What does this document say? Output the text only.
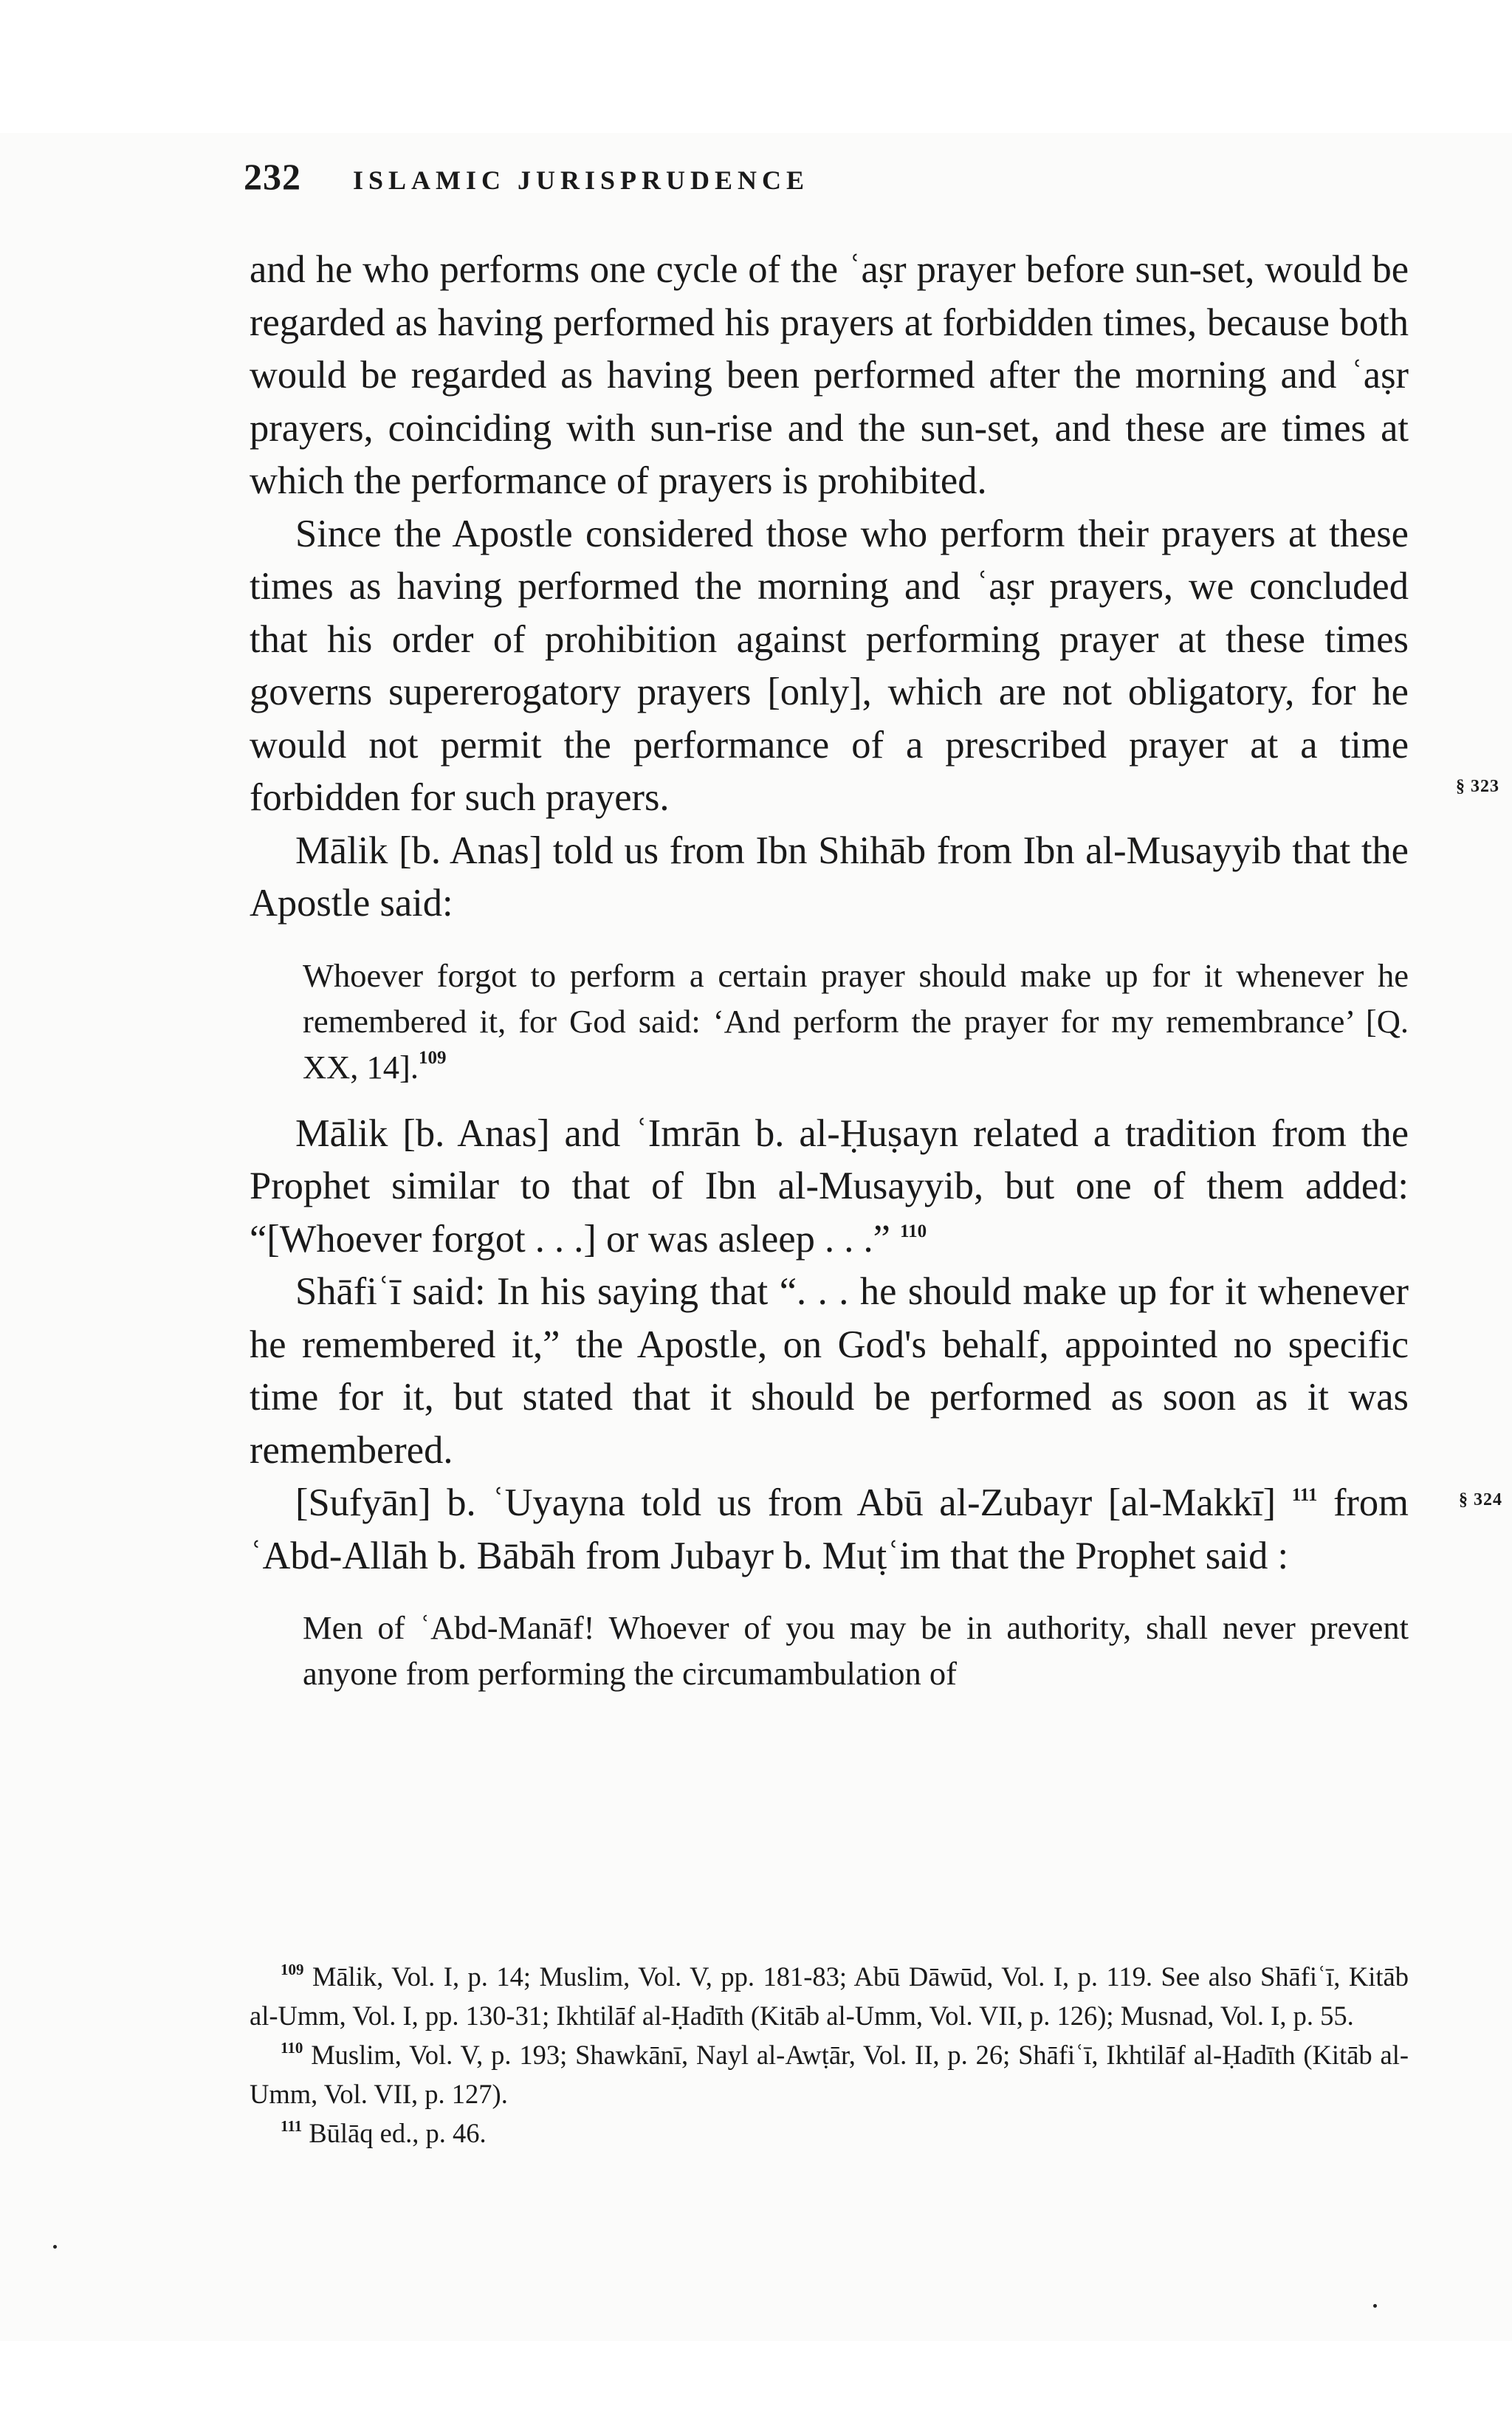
232 ISLAMIC JURISPRUDENCE

and he who performs one cycle of the ʿaṣr prayer before sun-set, would be regarded as having performed his prayers at forbidden times, because both would be regarded as having been performed after the morning and ʿaṣr prayers, coinciding with sun-rise and the sun-set, and these are times at which the performance of prayers is prohibited.

Since the Apostle considered those who perform their prayers at these times as having performed the morning and ʿaṣr prayers, we concluded that his order of prohibition against performing prayer at these times governs supererogatory prayers [only], which are not obligatory, for he would not permit the performance of a prescribed prayer at a time forbidden for such prayers.

Mālik [b. Anas] told us from Ibn Shihāb from Ibn al-Musayyib that the Apostle said:

Whoever forgot to perform a certain prayer should make up for it whenever he remembered it, for God said: ‘And perform the prayer for my remembrance’ [Q. XX, 14].$^{109}$

Mālik [b. Anas] and ʿImrān b. al-Ḥuṣayn related a tradition from the Prophet similar to that of Ibn al-Musayyib, but one of them added: “[Whoever forgot . . .] or was asleep . . .” $^{110}$

Shāfiʿī said: In his saying that “. . . he should make up for it whenever he remembered it,” the Apostle, on God's behalf, appointed no specific time for it, but stated that it should be performed as soon as it was remembered.

[Sufyān] b. ʿUyayna told us from Abū al-Zubayr [al-Makkī] $^{111}$ from ʿAbd-Allāh b. Bābāh from Jubayr b. Muṭʿim that the Prophet said :

Men of ʿAbd-Manāf! Whoever of you may be in authority, shall never prevent anyone from performing the circumambulation of
§ 323
§ 324

$^{109}$ Mālik, Vol. I, p. 14; Muslim, Vol. V, pp. 181-83; Abū Dāwūd, Vol. I, p. 119. See also Shāfiʿī, Kitāb al-Umm, Vol. I, pp. 130-31; Ikhtilāf al-Ḥadīth (Kitāb al-Umm, Vol. VII, p. 126); Musnad, Vol. I, p. 55.

$^{110}$ Muslim, Vol. V, p. 193; Shawkānī, Nayl al-Awṭār, Vol. II, p. 26; Shāfiʿī, Ikhtilāf al-Ḥadīth (Kitāb al-Umm, Vol. VII, p. 127).

$^{111}$ Būlāq ed., p. 46.
